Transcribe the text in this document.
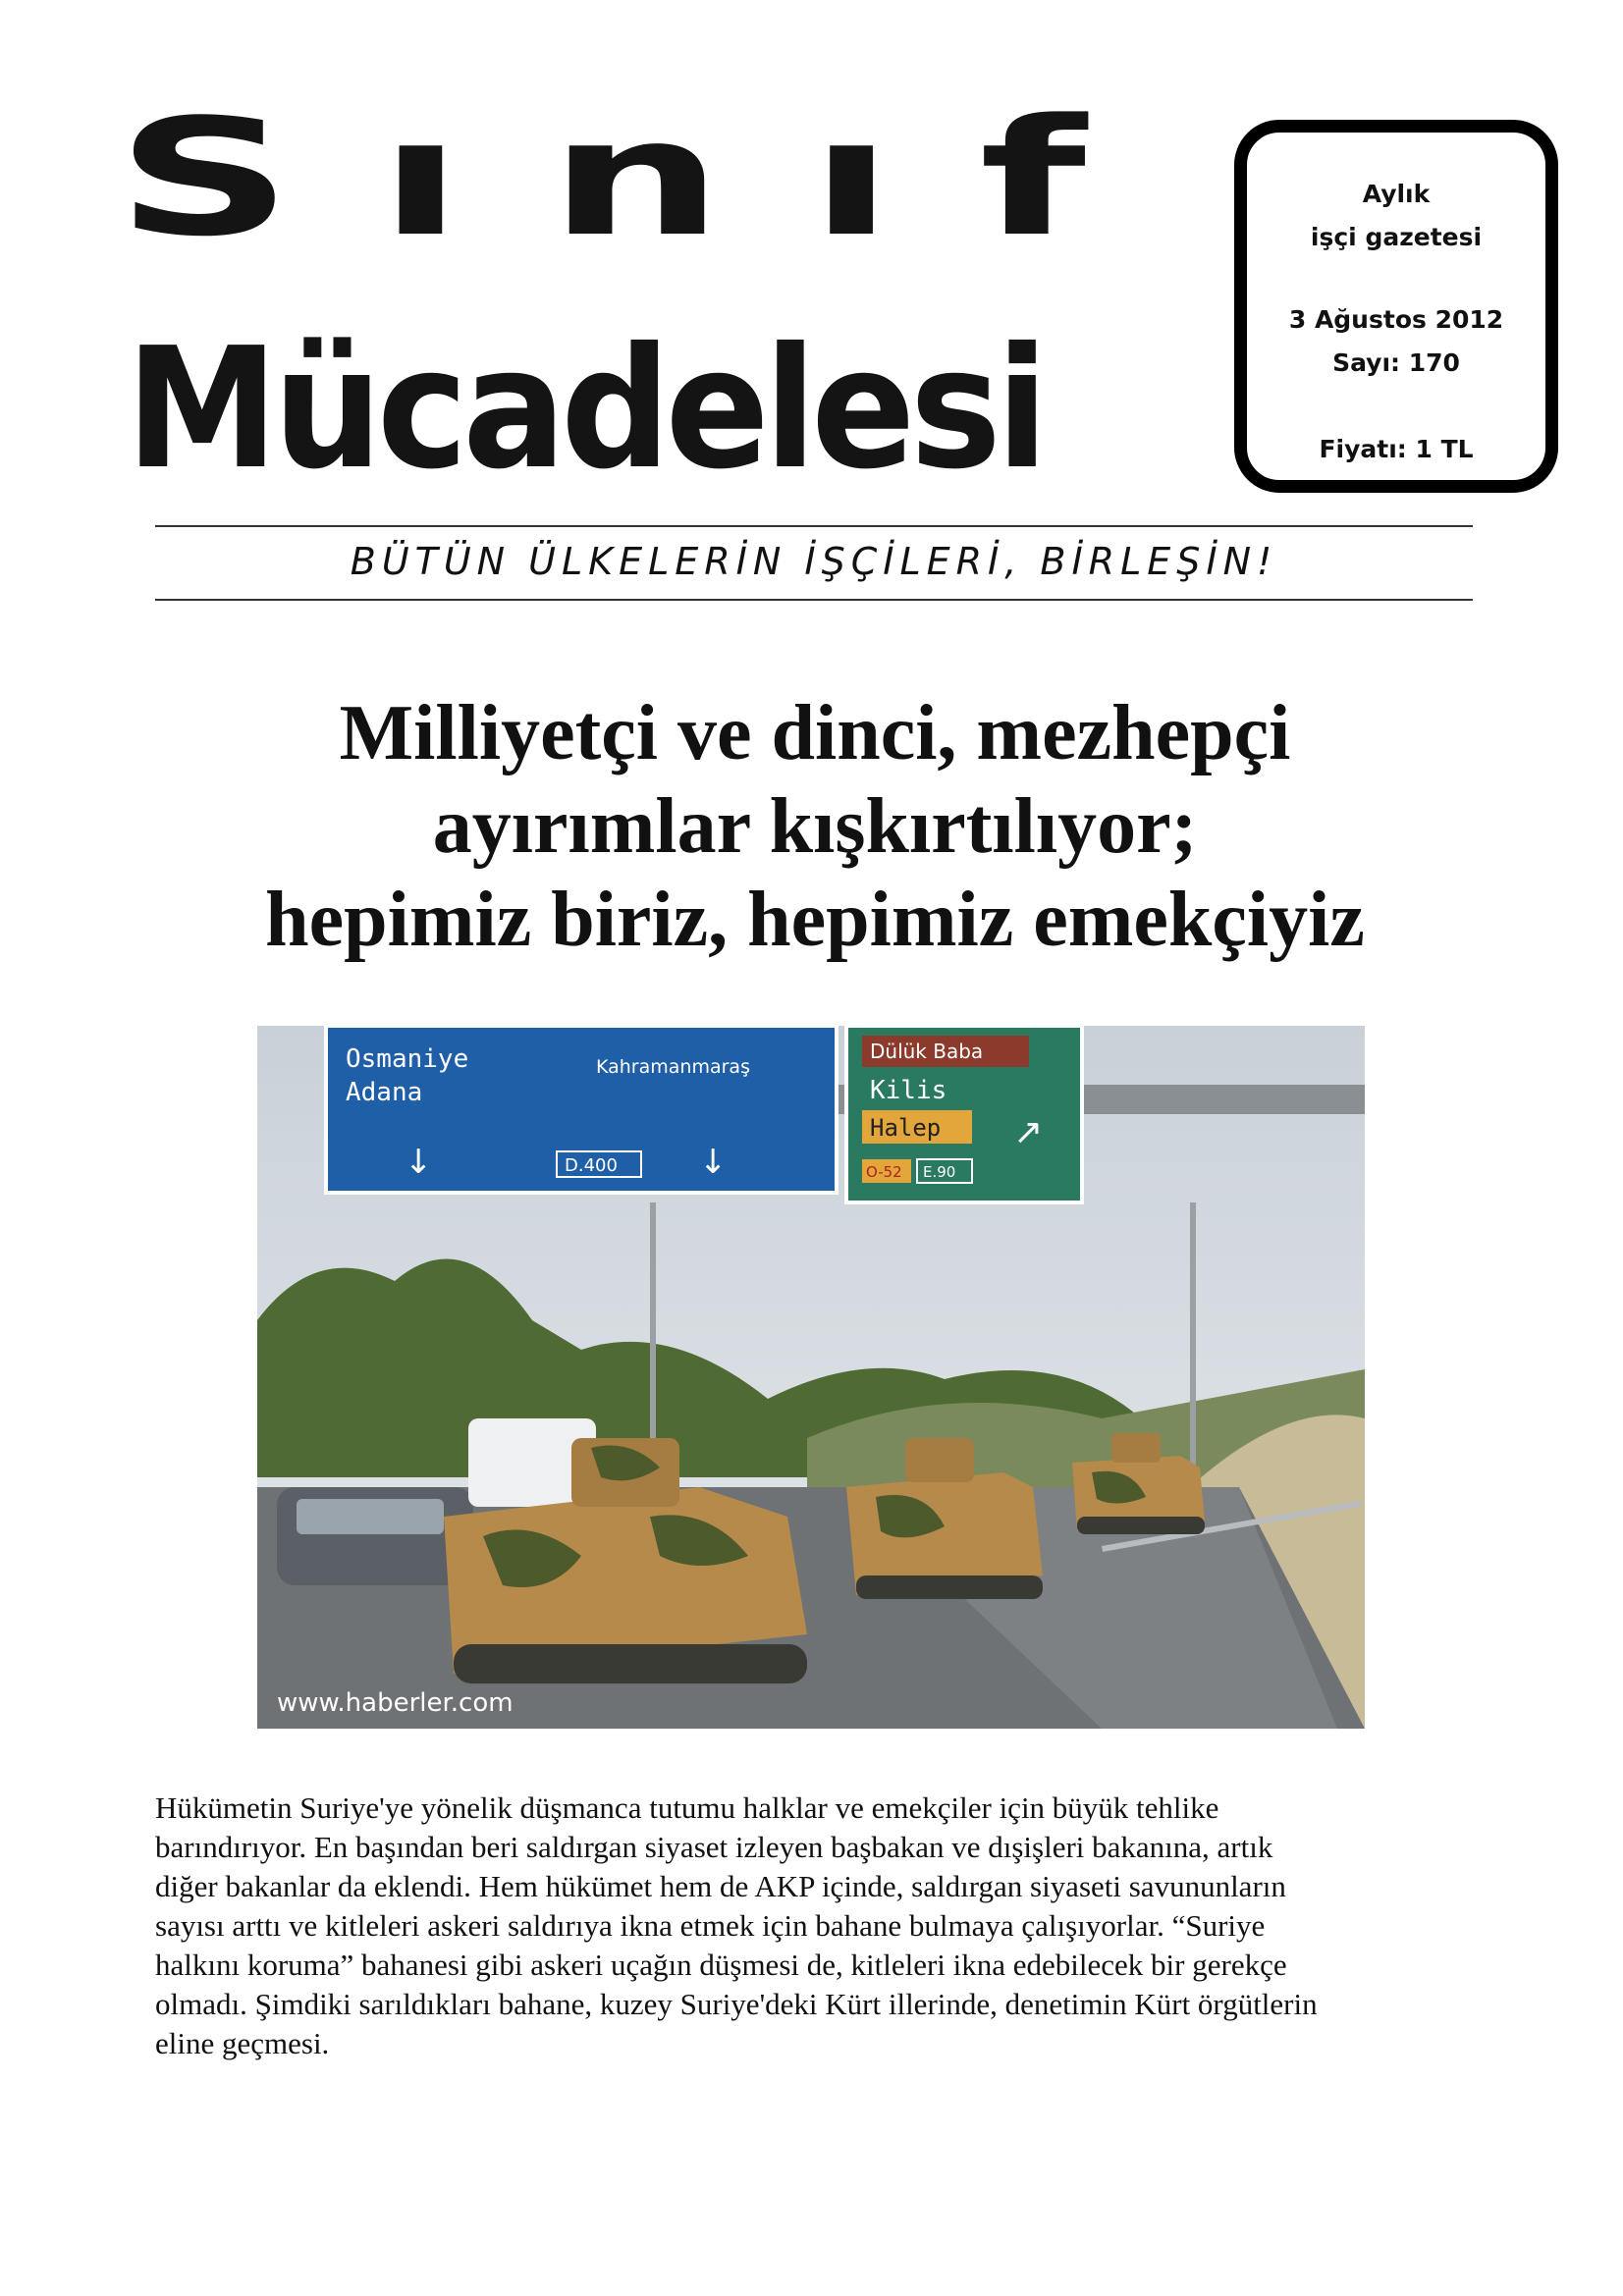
Sınıf
Mücadelesi
Aylık
işçi gazetesi
3 Ağustos 2012
Sayı: 170
Fiyatı: 1 TL
BÜTÜN ÜLKELERİN İŞÇİLERİ, BİRLEŞİN!
Milliyetçi ve dinci, mezhepçi
ayırımlar kışkırtılıyor;
hepimiz biriz, hepimiz emekçiyiz
Osmaniye
Adana
Kahramanmaraş
↓	↓
D.400
Dülük Baba
Kilis
Halep ↗
O-52 E.90
www.haberler.com
Hükümetin Suriye'ye yönelik düşmanca tutumu halklar ve emekçiler için büyük tehlike
barındırıyor. En başından beri saldırgan siyaset izleyen başbakan ve dışişleri bakanına, artık
diğer bakanlar da eklendi. Hem hükümet hem de AKP içinde, saldırgan siyaseti savununların
sayısı arttı ve kitleleri askeri saldırıya ikna etmek için bahane bulmaya çalışıyorlar. “Suriye
halkını koruma” bahanesi gibi askeri uçağın düşmesi de, kitleleri ikna edebilecek bir gerekçe
olmadı. Şimdiki sarıldıkları bahane, kuzey Suriye'deki Kürt illerinde, denetimin Kürt örgütlerin
eline geçmesi.
